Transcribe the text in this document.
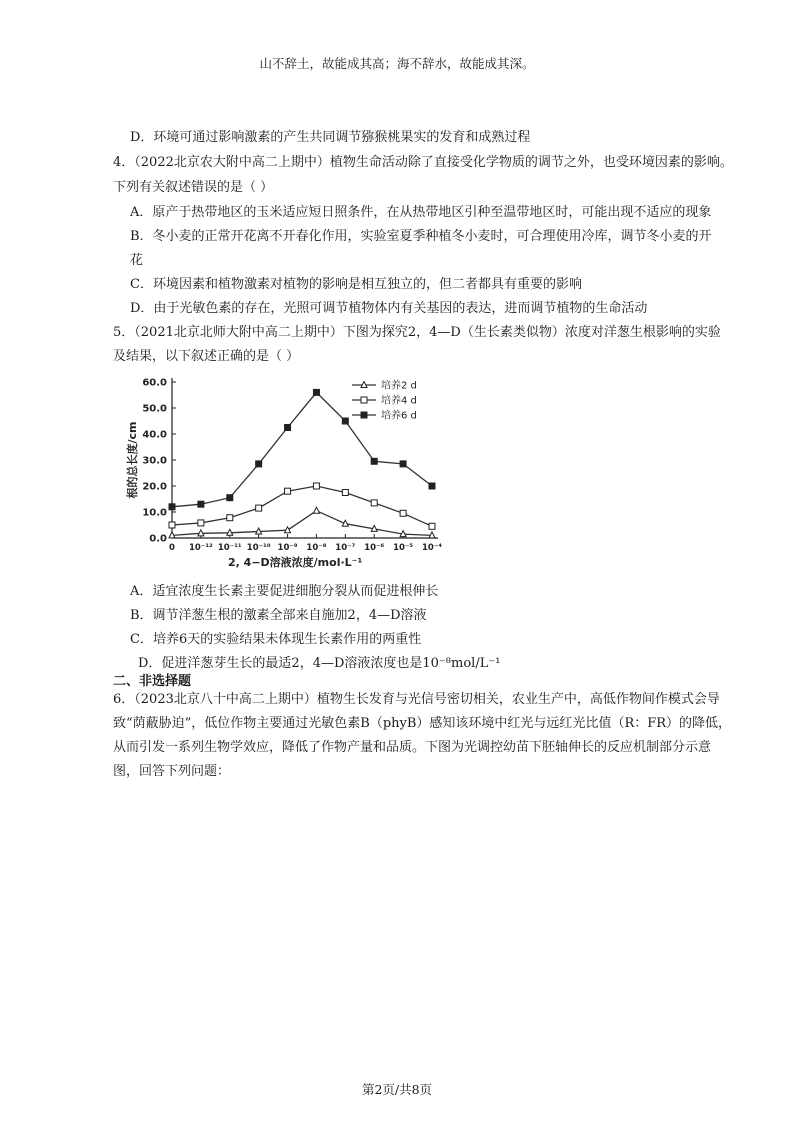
山不辞土，故能成其高；海不辞水，故能成其深。
D．环境可通过影响激素的产生共同调节猕猴桃果实的发育和成熟过程
4．（2022北京农大附中高二上期中）植物生命活动除了直接受化学物质的调节之外，也受环境因素的影响。
下列有关叙述错误的是（ ）
A．原产于热带地区的玉米适应短日照条件，在从热带地区引种至温带地区时，可能出现不适应的现象
B．冬小麦的正常开花离不开春化作用，实验室夏季种植冬小麦时，可合理使用冷库，调节冬小麦的开
花
C．环境因素和植物激素对植物的影响是相互独立的，但二者都具有重要的影响
D．由于光敏色素的存在，光照可调节植物体内有关基因的表达，进而调节植物的生命活动
5．（2021北京北师大附中高二上期中）下图为探究2，4—D（生长素类似物）浓度对洋葱生根影响的实验
及结果，以下叙述正确的是（ ）
0.0
10.0
20.0
30.0
40.0
50.0
60.0
0 10⁻¹² 10⁻¹¹ 10⁻¹⁰ 10⁻⁹ 10⁻⁸ 10⁻⁷ 10⁻⁶ 10⁻⁵ 10⁻⁴
培养2 d
培养4 d
培养6 d
根的总长度/cm
2, 4−D溶液浓度/mol·L⁻¹
A．适宜浓度生长素主要促进细胞分裂从而促进根伸长
B．调节洋葱生根的激素全部来自施加2，4—D溶液
C．培养6天的实验结果未体现生长素作用的两重性
D．促进洋葱芽生长的最适2，4—D溶液浓度也是10⁻⁸mol/L⁻¹
二、非选择题
6．（2023北京八十中高二上期中）植物生长发育与光信号密切相关，农业生产中，高低作物间作模式会导
致“荫蔽胁迫”，低位作物主要通过光敏色素B（phyB）感知该环境中红光与远红光比值（R：FR）的降低，
从而引发一系列生物学效应，降低了作物产量和品质。下图为光调控幼苗下胚轴伸长的反应机制部分示意
图，回答下列问题：
第2页/共8页
